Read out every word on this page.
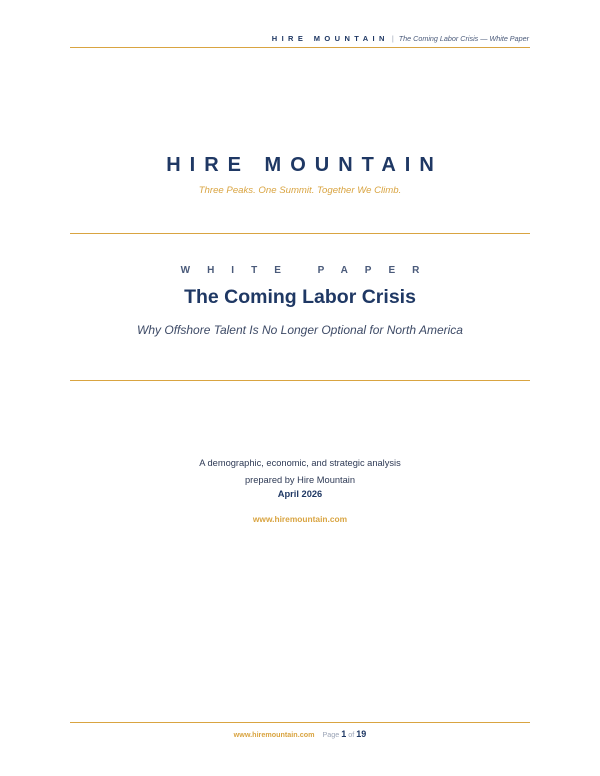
HIRE MOUNTAIN | The Coming Labor Crisis — White Paper
HIRE MOUNTAIN
Three Peaks. One Summit. Together We Climb.
WHITE PAPER
The Coming Labor Crisis
Why Offshore Talent Is No Longer Optional for North America
A demographic, economic, and strategic analysis
prepared by Hire Mountain
April 2026
www.hiremountain.com
www.hiremountain.com Page 1 of 19
